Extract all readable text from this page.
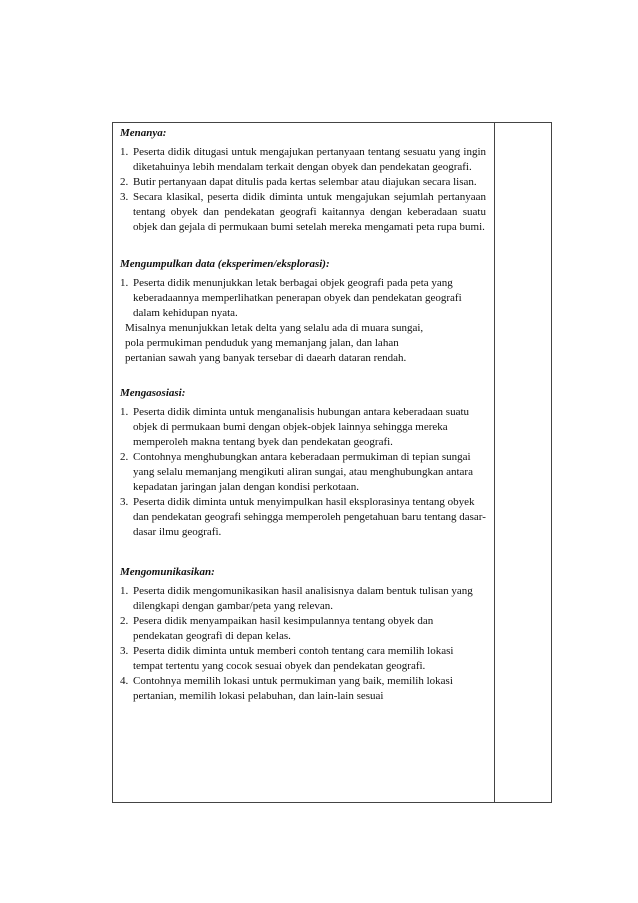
Menanya:

1. Peserta didik ditugasi untuk mengajukan pertanyaan tentang sesuatu yang ingin diketahuinya lebih mendalam terkait dengan obyek dan pendekatan geografi.
2. Butir pertanyaan dapat ditulis pada kertas selembar atau diajukan secara lisan.
3. Secara klasikal, peserta didik diminta untuk mengajukan sejumlah pertanyaan tentang obyek dan pendekatan geografi kaitannya dengan keberadaan suatu objek dan gejala di permukaan bumi setelah mereka mengamati peta rupa bumi.

Mengumpulkan data (eksperimen/eksplorasi):

1. Peserta didik menunjukkan letak berbagai objek geografi pada peta yang keberadaannya memperlihatkan penerapan obyek dan pendekatan geografi dalam kehidupan nyata.
Misalnya menunjukkan letak delta yang selalu ada di muara sungai,
pola permukiman penduduk yang memanjang jalan, dan lahan
pertanian sawah yang banyak tersebar di daearh dataran rendah.

Mengasosiasi:

1. Peserta didik diminta untuk menganalisis hubungan antara keberadaan suatu objek di permukaan bumi dengan objek-objek lainnya sehingga mereka memperoleh makna tentang byek dan pendekatan geografi.
2. Contohnya menghubungkan antara keberadaan permukiman di tepian sungai yang selalu memanjang mengikuti aliran sungai, atau menghubungkan antara kepadatan jaringan jalan dengan kondisi perkotaan.
3. Peserta didik diminta untuk menyimpulkan hasil eksplorasinya tentang obyek dan pendekatan geografi sehingga memperoleh pengetahuan baru tentang dasar-dasar ilmu geografi.

Mengomunikasikan:

1. Peserta didik mengomunikasikan hasil analisisnya dalam bentuk tulisan yang dilengkapi dengan gambar/peta yang relevan.
2. Pesera didik menyampaikan hasil kesimpulannya tentang obyek dan pendekatan geografi di depan kelas.
3. Peserta didik diminta untuk memberi contoh tentang cara memilih lokasi tempat tertentu yang cocok sesuai obyek dan pendekatan geografi.
4. Contohnya memilih lokasi untuk permukiman yang baik, memilih lokasi pertanian, memilih lokasi pelabuhan, dan lain-lain sesuai
